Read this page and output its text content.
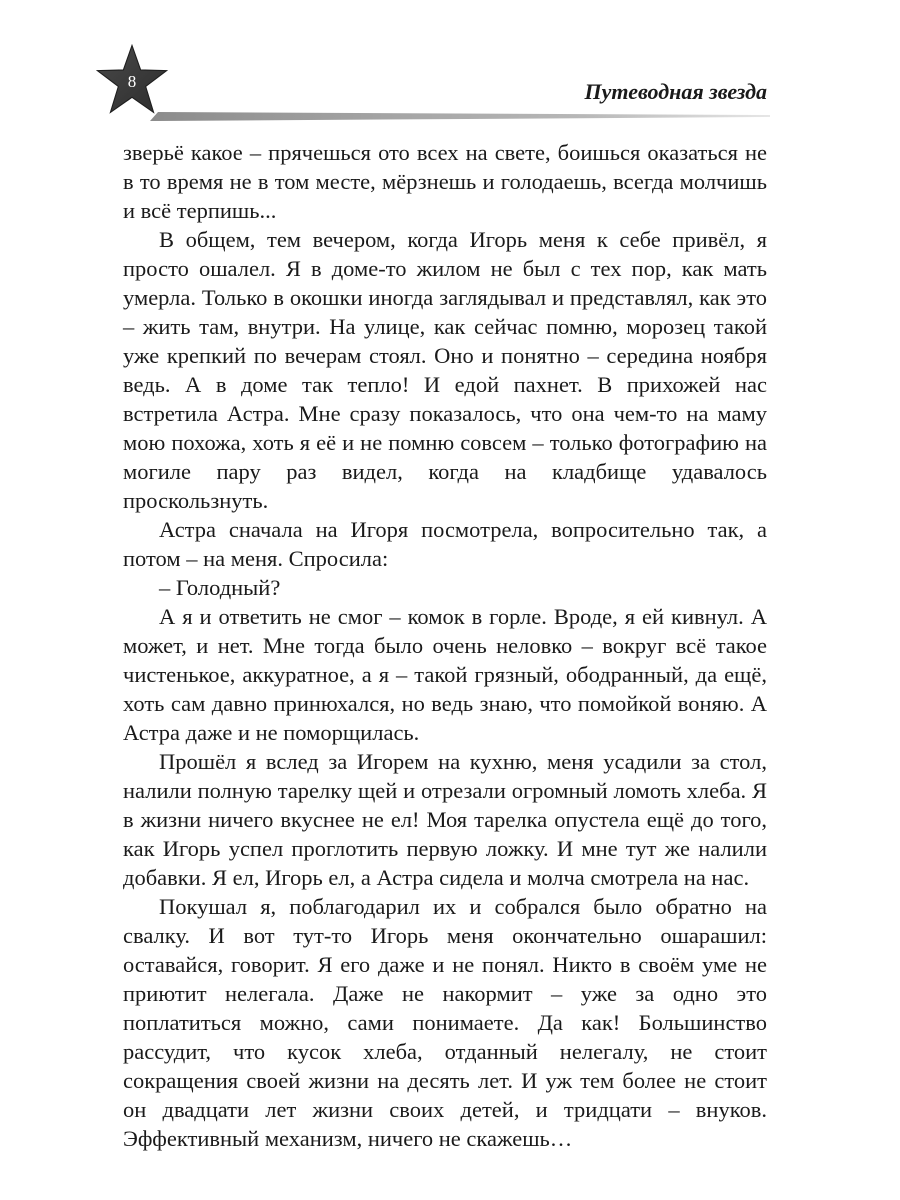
8	Путеводная звезда

зверьё какое – прячешься ото всех на свете, боишься оказаться не в то время не в том месте, мёрзнешь и голодаешь, всегда молчишь и всё терпишь...

В общем, тем вечером, когда Игорь меня к себе привёл, я просто ошалел. Я в доме-то жилом не был с тех пор, как мать умерла. Только в окошки иногда заглядывал и представлял, как это – жить там, внутри. На улице, как сейчас помню, морозец такой уже крепкий по вечерам стоял. Оно и понятно – середина ноября ведь. А в доме так тепло! И едой пахнет. В прихожей нас встретила Астра. Мне сразу показалось, что она чем-то на маму мою похожа, хоть я её и не помню совсем – только фотографию на могиле пару раз видел, когда на кладбище удавалось проскользнуть.

Астра сначала на Игоря посмотрела, вопросительно так, а потом – на меня. Спросила:

– Голодный?

А я и ответить не смог – комок в горле. Вроде, я ей кивнул. А может, и нет. Мне тогда было очень неловко – вокруг всё такое чистенькое, аккуратное, а я – такой грязный, ободранный, да ещё, хоть сам давно принюхался, но ведь знаю, что помойкой воняю. А Астра даже и не поморщилась.

Прошёл я вслед за Игорем на кухню, меня усадили за стол, налили полную тарелку щей и отрезали огромный ломоть хлеба. Я в жизни ничего вкуснее не ел! Моя тарелка опустела ещё до того, как Игорь успел проглотить первую ложку. И мне тут же налили добавки. Я ел, Игорь ел, а Астра сидела и молча смотрела на нас.

Покушал я, поблагодарил их и собрался было обратно на свалку. И вот тут-то Игорь меня окончательно ошарашил: оставайся, говорит. Я его даже и не понял. Никто в своём уме не приютит нелегала. Даже не накормит – уже за одно это поплатиться можно, сами понимаете. Да как! Большинство рассудит, что кусок хлеба, отданный нелегалу, не стоит сокращения своей жизни на десять лет. И уж тем более не стоит он двадцати лет жизни своих детей, и тридцати – внуков. Эффективный механизм, ничего не скажешь…
